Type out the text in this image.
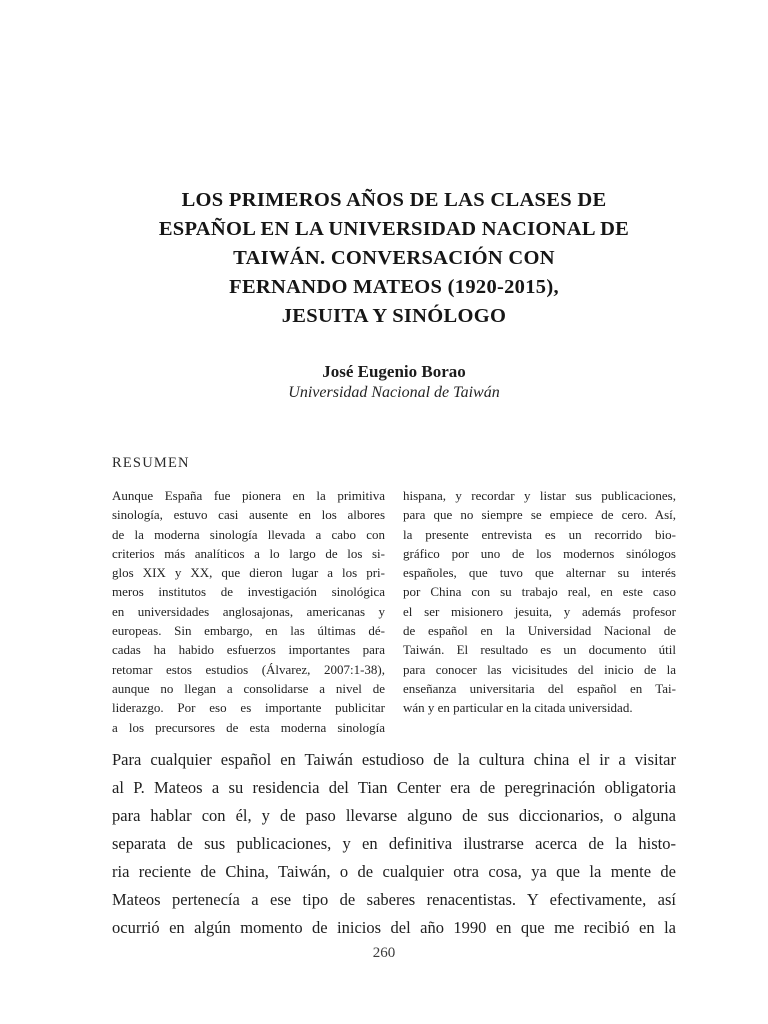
LOS PRIMEROS AÑOS DE LAS CLASES DE
ESPAÑOL EN LA UNIVERSIDAD NACIONAL DE
TAIWÁN. CONVERSACIÓN CON
FERNANDO MATEOS (1920-2015),
JESUITA Y SINÓLOGO
José Eugenio Borao
Universidad Nacional de Taiwán
RESUMEN
Aunque España fue pionera en la primitiva
sinología, estuvo casi ausente en los albores
de la moderna sinología llevada a cabo con
criterios más analíticos a lo largo de los si-
glos XIX y XX, que dieron lugar a los pri-
meros institutos de investigación sinológica
en universidades anglosajonas, americanas y
europeas. Sin embargo, en las últimas dé-
cadas ha habido esfuerzos importantes para
retomar estos estudios (Álvarez, 2007:1-38),
aunque no llegan a consolidarse a nivel de
liderazgo. Por eso es importante publicitar
a los precursores de esta moderna sinología
hispana, y recordar y listar sus publicaciones,
para que no siempre se empiece de cero. Así,
la presente entrevista es un recorrido bio-
gráfico por uno de los modernos sinólogos
españoles, que tuvo que alternar su interés
por China con su trabajo real, en este caso
el ser misionero jesuita, y además profesor
de español en la Universidad Nacional de
Taiwán. El resultado es un documento útil
para conocer las vicisitudes del inicio de la
enseñanza universitaria del español en Tai-
wán y en particular en la citada universidad.
Para cualquier español en Taiwán estudioso de la cultura china el ir a visitar
al P. Mateos a su residencia del Tian Center era de peregrinación obligatoria
para hablar con él, y de paso llevarse alguno de sus diccionarios, o alguna
separata de sus publicaciones, y en definitiva ilustrarse acerca de la histo-
ria reciente de China, Taiwán, o de cualquier otra cosa, ya que la mente de
Mateos pertenecía a ese tipo de saberes renacentistas. Y efectivamente, así
ocurrió en algún momento de inicios del año 1990 en que me recibió en la
260
